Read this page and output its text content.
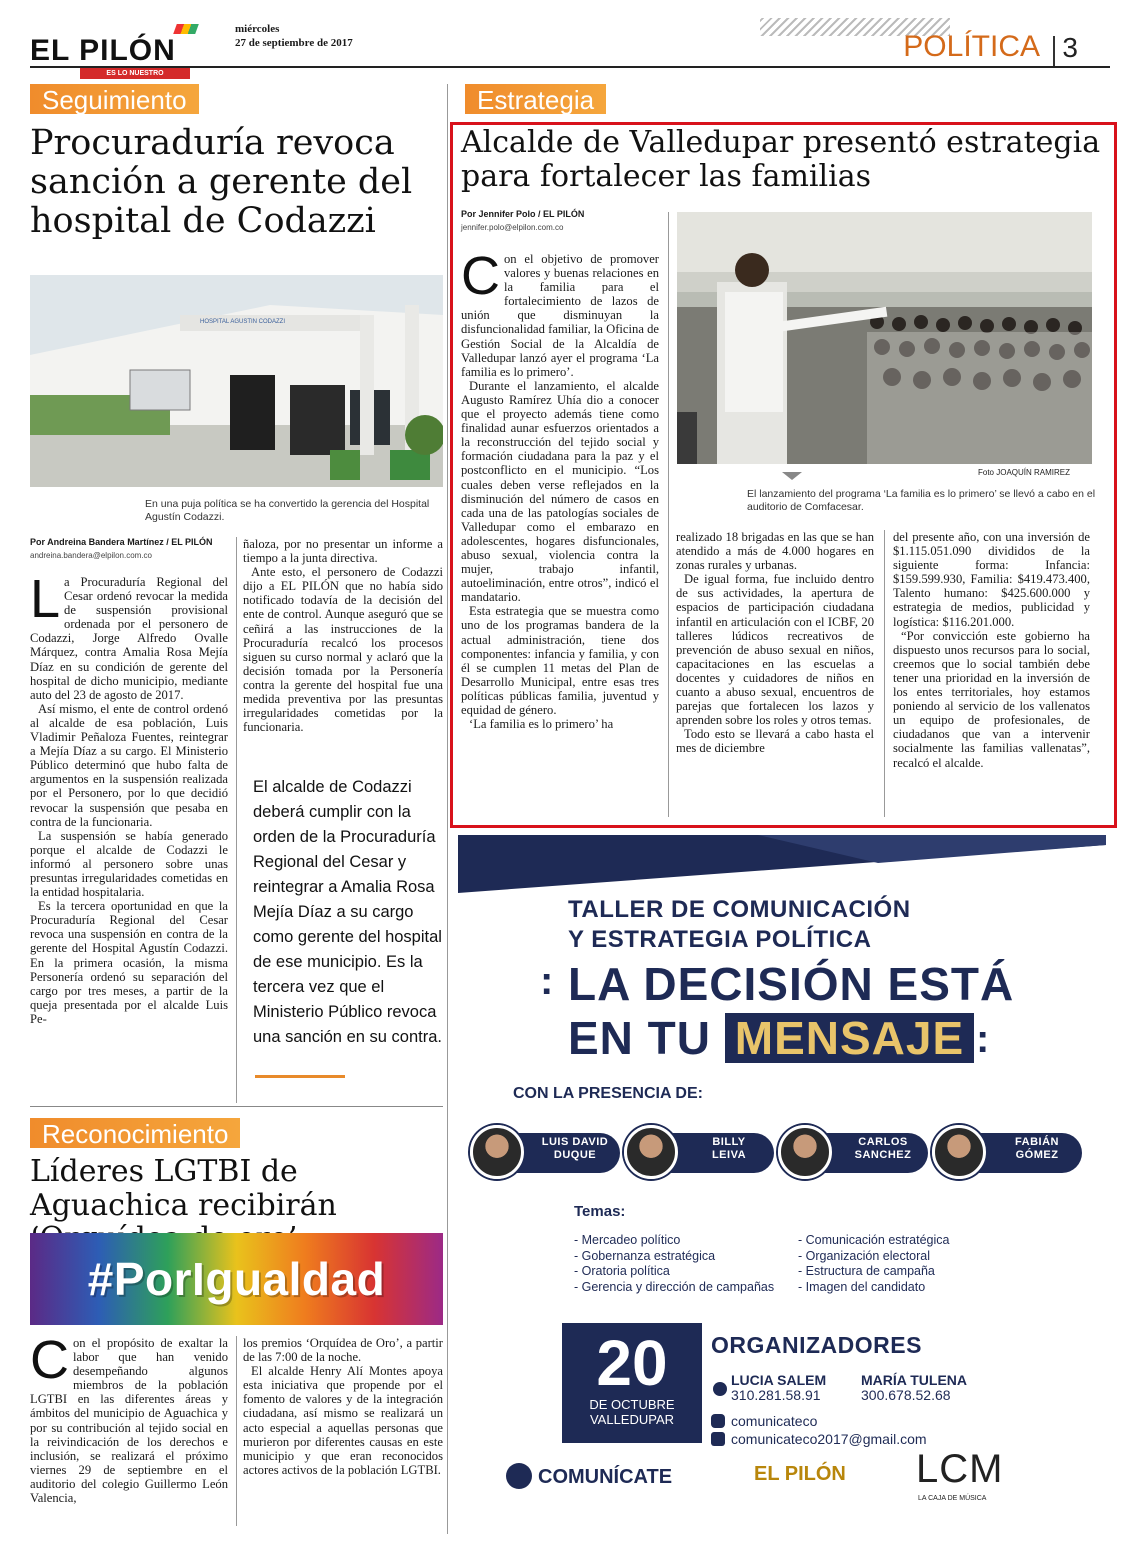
EL PILÓN
ES LO NUESTRO
miércoles
27 de septiembre de 2017	POLÍTICA 3
Seguimiento
Procuraduría revoca sanción a gerente del hospital de Codazzi
HOSPITAL AGUSTIN CODAZZI
En una puja política se ha convertido la gerencia del Hospital Agustín Codazzi.
Por Andreina Bandera Martínez / EL PILÓN
andreina.bandera@elpilon.com.co

La Procuraduría Regional del Cesar ordenó revocar la medida de suspensión provisional ordenada por el personero de Codazzi, Jorge Alfredo Ovalle Márquez, contra Amalia Rosa Mejía Díaz en su condición de gerente del hospital de dicho municipio, mediante auto del 23 de agosto de 2017.

Así mismo, el ente de control ordenó al alcalde de esa población, Luis Vladimir Peñaloza Fuentes, reintegrar a Mejía Díaz a su cargo. El Ministerio Público determinó que hubo falta de argumentos en la suspensión realizada por el Personero, por lo que decidió revocar la suspensión que pesaba en contra de la funcionaria.

La suspensión se había generado porque el alcalde de Codazzi le informó al personero sobre unas presuntas irregularidades cometidas en la entidad hospitalaria.

Es la tercera oportunidad en que la Procuraduría Regional del Cesar revoca una suspensión en contra de la gerente del Hospital Agustín Codazzi. En la primera ocasión, la misma Personería ordenó su separación del cargo por tres meses, a partir de la queja presentada por el alcalde Luis Pe-

ñaloza, por no presentar un informe a tiempo a la junta directiva.

Ante esto, el personero de Codazzi dijo a EL PILÓN que no había sido notificado todavía de la decisión del ente de control. Aunque aseguró que se ceñirá a las instrucciones de la Procuraduría recalcó los procesos siguen su curso normal y aclaró que la decisión tomada por la Personería contra la gerente del hospital fue una medida preventiva por las presuntas irregularidades cometidas por la funcionaria.

El alcalde de Codazzi deberá cumplir con la orden de la Procuraduría Regional del Cesar y reintegrar a Amalia Rosa Mejía Díaz a su cargo como gerente del hospital de ese municipio. Es la tercera vez que el Ministerio Público revoca una sanción en su contra.
Estrategia
Alcalde de Valledupar presentó estrategia para fortalecer las familias
Por Jennifer Polo / EL PILÓN
jennifer.polo@elpilon.com.co
Foto JOAQUÍN RAMIREZ
El lanzamiento del programa ‘La familia es lo primero’ se llevó a cabo en el auditorio de Comfacesar.

Con el objetivo de promover valores y buenas relaciones en la familia para el fortalecimiento de lazos de unión que disminuyan la disfuncionalidad familiar, la Oficina de Gestión Social de la Alcaldía de Valledupar lanzó ayer el programa ‘La familia es lo primero’.

Durante el lanzamiento, el alcalde Augusto Ramírez Uhía dio a conocer que el proyecto además tiene como finalidad aunar esfuerzos orientados a la reconstrucción del tejido social y formación ciudadana para la paz y el postconflicto en el municipio. “Los cuales deben verse reflejados en la disminución del número de casos en cada una de las patologías sociales de Valledupar como el embarazo en adolescentes, hogares disfuncionales, abuso sexual, violencia contra la mujer, trabajo infantil, autoeliminación, entre otros”, indicó el mandatario.

Esta estrategia que se muestra como uno de los programas bandera de la actual administración, tiene dos componentes: infancia y familia, y con él se cumplen 11 metas del Plan de Desarrollo Municipal, entre esas tres políticas públicas familia, juventud y equidad de género.

‘La familia es lo primero’ ha

realizado 18 brigadas en las que se han atendido a más de 4.000 hogares en zonas rurales y urbanas.

De igual forma, fue incluido dentro de sus actividades, la apertura de espacios de participación ciudadana infantil en articulación con el ICBF, 20 talleres lúdicos recreativos de prevención de abuso sexual en niños, capacitaciones en las escuelas a docentes y cuidadores de niños en cuanto a abuso sexual, encuentros de parejas que fortalecen los lazos y aprenden sobre los roles y otros temas.

Todo esto se llevará a cabo hasta el mes de diciembre

del presente año, con una inversión de $1.115.051.090 divididos de la siguiente forma: Infancia: $159.599.930, Familia: $419.473.400, Talento humano: $425.600.000 y estrategia de medios, publicidad y logística: $116.201.000.

“Por convicción este gobierno ha dispuesto unos recursos para lo social, creemos que lo social también debe tener una prioridad en la inversión de los entes territoriales, hoy estamos poniendo al servicio de los vallenatos un equipo de profesionales, de ciudadanos que van a intervenir socialmente las familias vallenatas”, recalcó el alcalde.

Reconocimiento
Líderes LGTBI de Aguachica recibirán
#PorIgualdad

Con el propósito de exaltar la labor que han venido desempeñando algunos miembros de la población LGTBI en las diferentes áreas y ámbitos del municipio de Aguachica y por su contribución al tejido social en la reivindicación de los derechos e inclusión, se realizará el próximo viernes 29 de septiembre en el auditorio del colegio Guillermo León Valencia,

los premios ‘Orquídea de Oro’, a partir de las 7:00 de la noche.

El alcalde Henry Alí Montes apoya esta iniciativa que propende por el fomento de valores y de la integración ciudadana, así mismo se realizará un acto especial a aquellas personas que murieron por diferentes causas en este municipio y que eran reconocidos actores activos de la población LGTBI.

TALLER DE COMUNICACIÓN
Y ESTRATEGIA POLÍTICA
: LA DECISIÓN ESTÁ
EN TU MENSAJE :
CON LA PRESENCIA DE:
LUIS DAVID
DUQUE
BILLY
LEIVA
CARLOS
SANCHEZ
FABIÁN
GÓMEZ
Temas:
- Mercadeo político
- Gobernanza estratégica
- Oratoria política
- Gerencia y dirección de campañas
- Comunicación estratégica
- Organización electoral
- Estructura de campaña
- Imagen del candidato
20
DE OCTUBRE
VALLEDUPAR
ORGANIZADORES
LUCIA SALEM
310.281.58.91
MARÍA TULENA
300.678.52.68
comunicateco
comunicateco2017@gmail.com
COMUNÍCATE	EL PILÓN LCM
LA CAJA DE MÚSICA
